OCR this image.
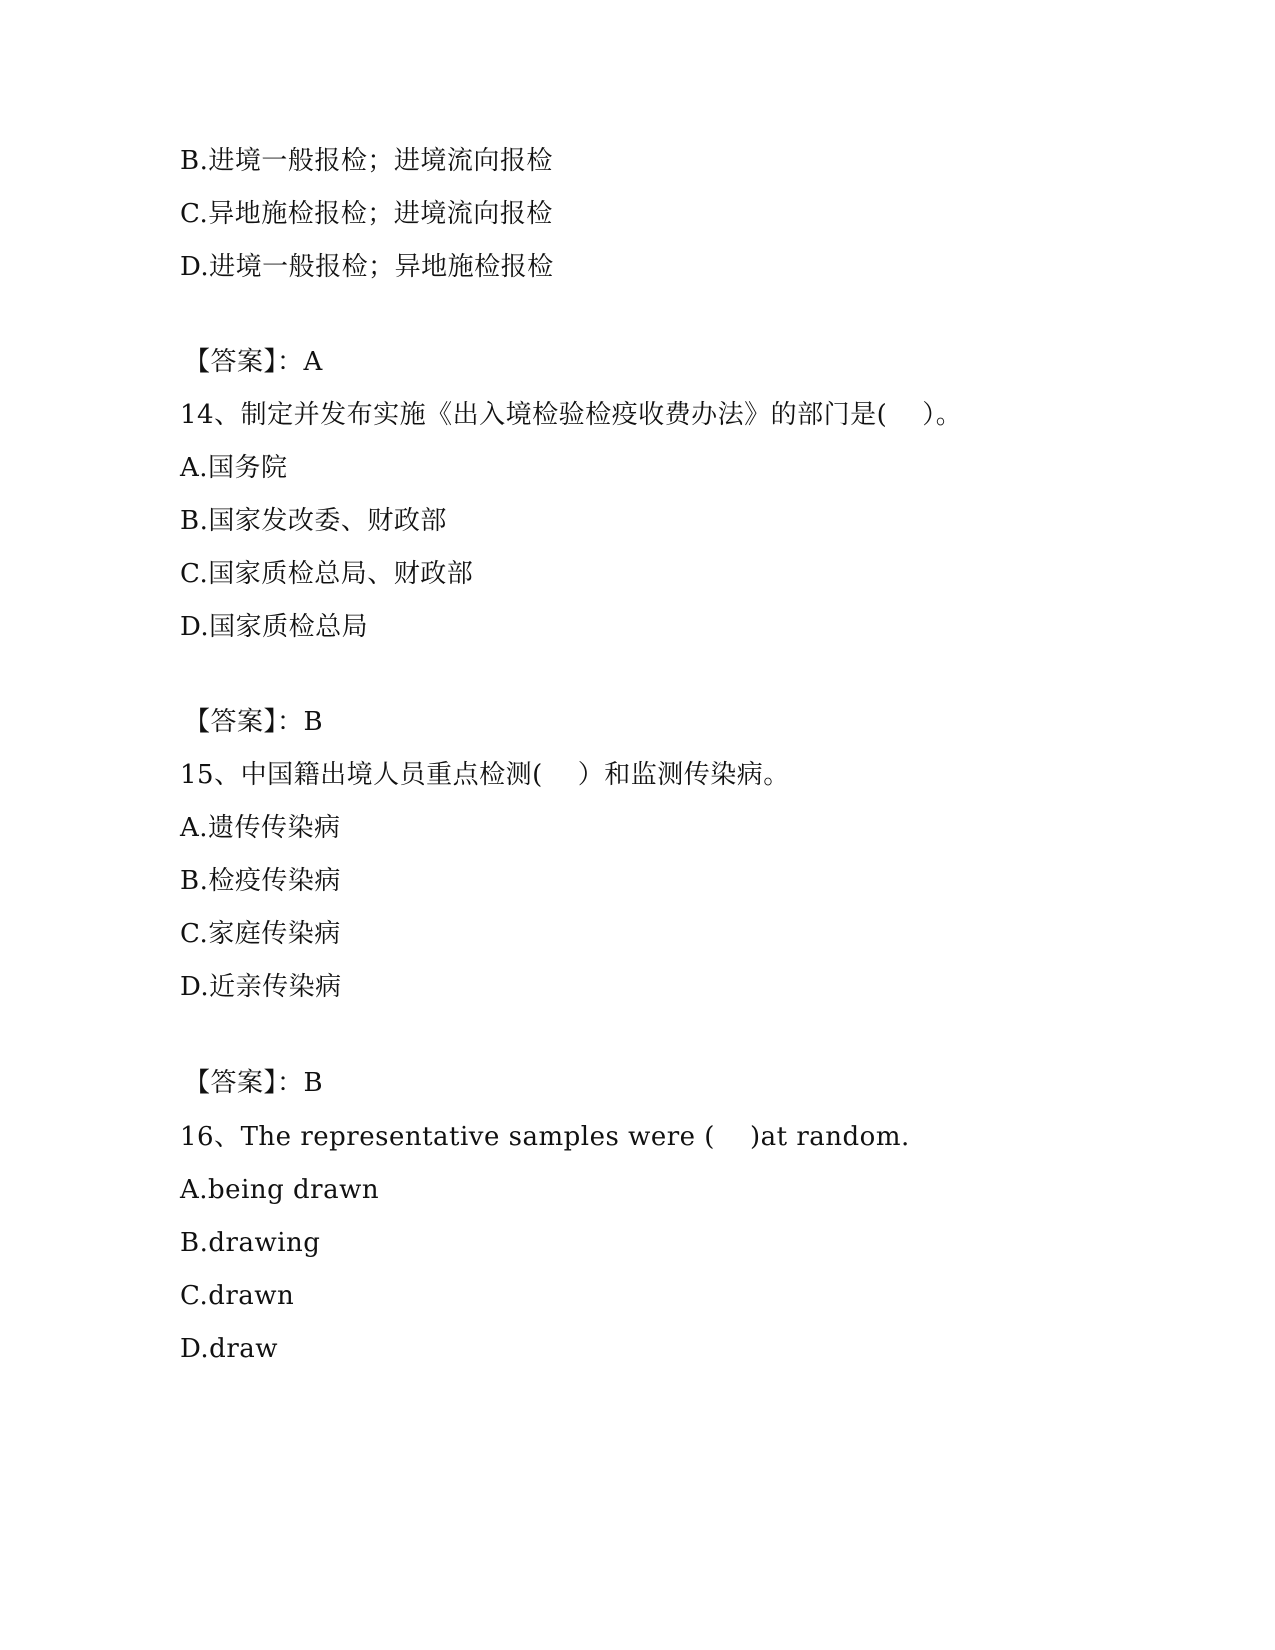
B.进境一般报检；进境流向报检
C.异地施检报检；进境流向报检
D.进境一般报检；异地施检报检
【答案】：A
14、制定并发布实施《出入境检验检疫收费办法》的部门是(    ）。
A.国务院
B.国家发改委、财政部
C.国家质检总局、财政部
D.国家质检总局
【答案】：B
15、中国籍出境人员重点检测(    ）和监测传染病。
A.遗传传染病
B.检疫传染病
C.家庭传染病
D.近亲传染病
【答案】：B
16、The representative samples were (    )at random.
A.being drawn
B.drawing
C.drawn
D.draw
